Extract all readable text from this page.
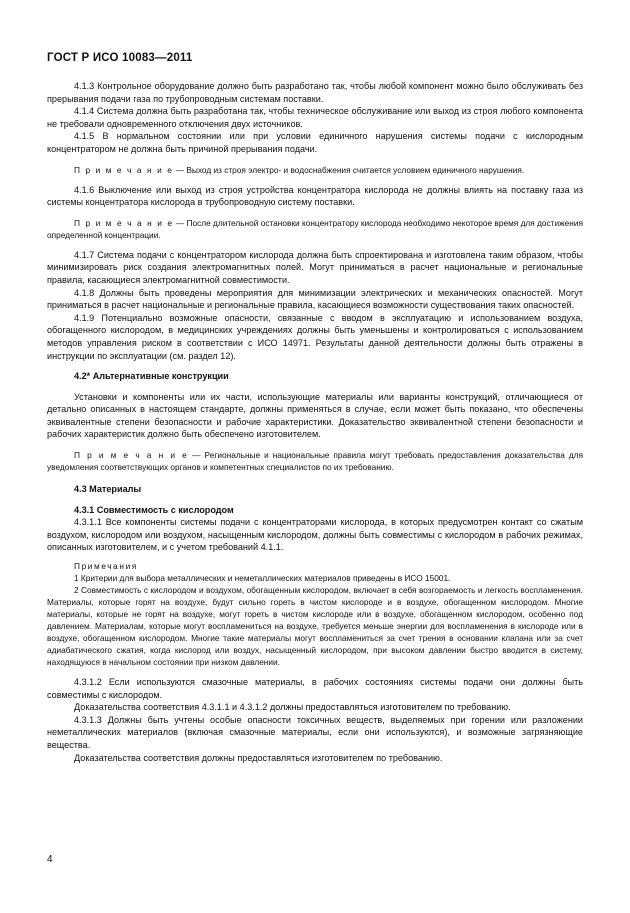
ГОСТ Р ИСО 10083—2011

4.1.3 Контрольное оборудование должно быть разработано так, чтобы любой компонент можно было обслуживать без прерывания подачи газа по трубопроводным системам поставки.

4.1.4 Система должна быть разработана так, чтобы техническое обслуживание или выход из строя любого компонента не требовали одновременного отключения двух источников.

4.1.5 В нормальном состоянии или при условии единичного нарушения системы подачи с кислородным концентратором не должна быть причиной прерывания подачи.

П р и м е ч а н и е — Выход из строя электро- и водоснабжения считается условием единичного нарушения.

4.1.6 Выключение или выход из строя устройства концентратора кислорода не должны влиять на поставку газа из системы концентратора кислорода в трубопроводную систему поставки.

П р и м е ч а н и е — После длительной остановки концентратору кислорода необходимо некоторое время для достижения определенной концентрации.

4.1.7 Система подачи с концентратором кислорода должна быть спроектирована и изготовлена таким образом, чтобы минимизировать риск создания электромагнитных полей. Могут приниматься в расчет национальные и региональные правила, касающиеся электромагнитной совместимости.

4.1.8 Должны быть проведены мероприятия для минимизации электрических и механических опасностей. Могут приниматься в расчет национальные и региональные правила, касающиеся возможности существования таких опасностей.

4.1.9 Потенциально возможные опасности, связанные с вводом в эксплуатацию и использованием воздуха, обогащенного кислородом, в медицинских учреждениях должны быть уменьшены и контролироваться с использованием методов управления риском в соответствии с ИСО 14971. Результаты данной деятельности должны быть отражены в инструкции по эксплуатации (см. раздел 12).

4.2* Альтернативные конструкции

Установки и компоненты или их части, использующие материалы или варианты конструкций, отличающиеся от детально описанных в настоящем стандарте, должны применяться в случае, если может быть показано, что обеспечены эквивалентные степени безопасности и рабочие характеристики. Доказательство эквивалентной степени безопасности и рабочих характеристик должно быть обеспечено изготовителем.

П р и м е ч а н и е — Региональные и национальные правила могут требовать предоставления доказательства для уведомления соответствующих органов и компетентных специалистов по их требованию.

4.3 Материалы

4.3.1 Совместимость с кислородом

4.3.1.1 Все компоненты системы подачи с концентраторами кислорода, в которых предусмотрен контакт со сжатым воздухом, кислородом или воздухом, насыщенным кислородом, должны быть совместимы с кислородом в рабочих режимах, описанных изготовителем, и с учетом требований 4.1.1.

Примечания

1 Критерии для выбора металлических и неметаллических материалов приведены в ИСО 15001.

2 Совместимость с кислородом и воздухом, обогащенным кислородом, включает в себя возгораемость и легкость воспламенения. Материалы, которые горят на воздухе, будут сильно гореть в чистом кислороде и в воздухе, обогащенном кислородом. Многие материалы, которые не горят на воздухе, могут гореть в чистом кислороде или в воздухе, обогащенном кислородом, особенно под давлением. Материалам, которые могут воспламениться на воздухе, требуется меньше энергии для воспламенения в кислороде или в воздухе, обогащенном кислородом. Многие такие материалы могут воспламениться за счет трения в основании клапана или за счет адиабатического сжатия, когда кислород или воздух, насыщенный кислородом, при высоком давлении быстро вводится в систему, находящуюся в начальном состоянии при низком давлении.

4.3.1.2 Если используются смазочные материалы, в рабочих состояниях системы подачи они должны быть совместимы с кислородом.

Доказательства соответствия 4.3.1.1 и 4.3.1.2 должны предоставляться изготовителем по требованию.

4.3.1.3 Должны быть учтены особые опасности токсичных веществ, выделяемых при горении или разложении неметаллических материалов (включая смазочные материалы, если они используются), и возможные загрязняющие вещества.

Доказательства соответствия должны предоставляться изготовителем по требованию.

4
